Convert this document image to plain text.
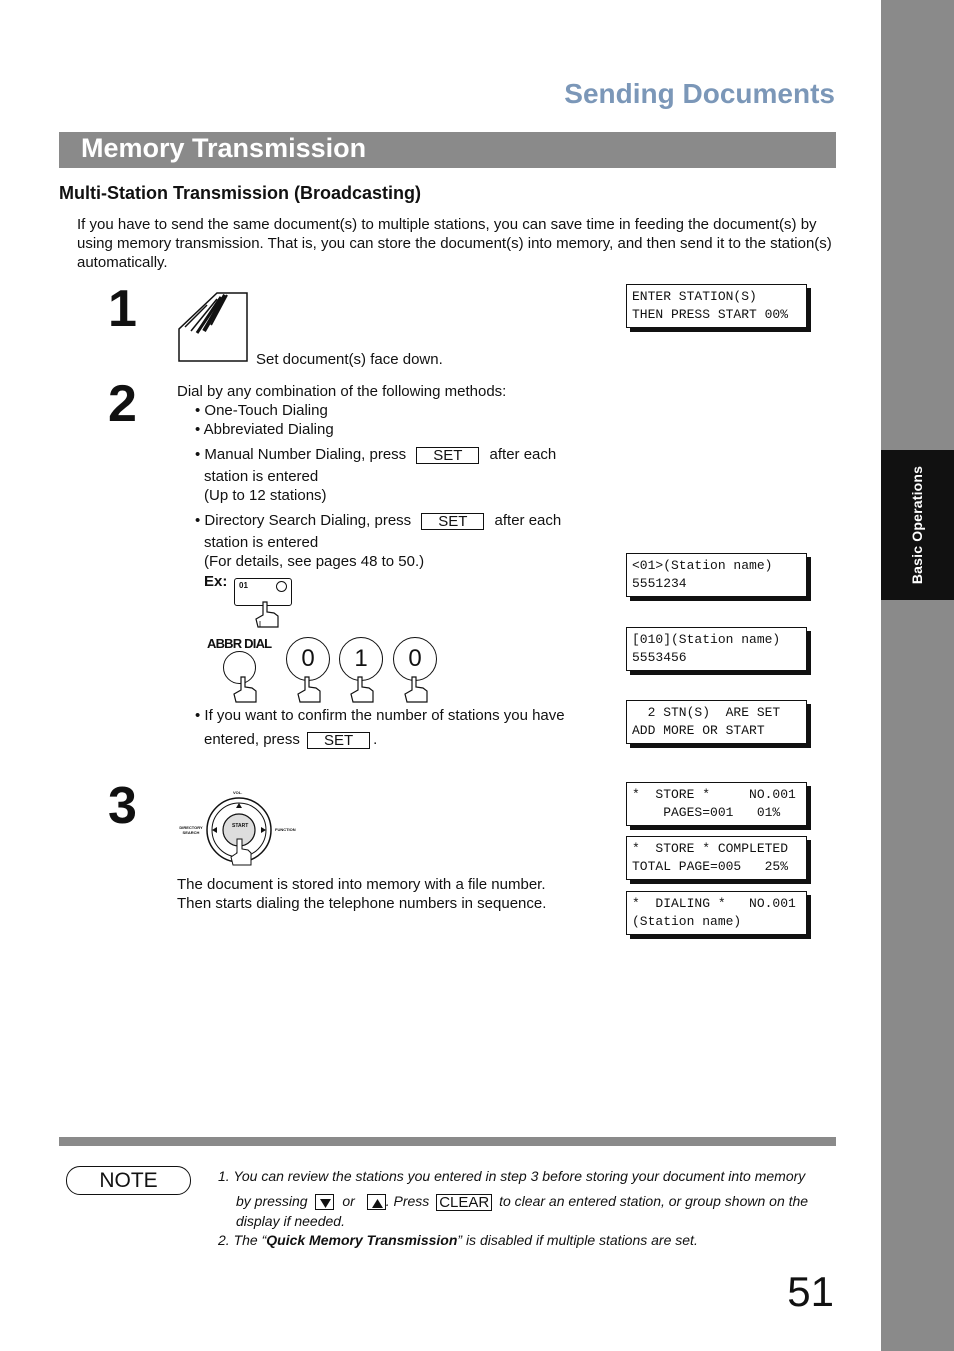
Basic Operations
Sending Documents
Memory Transmission
Multi-Station Transmission (Broadcasting)
If you have to send the same document(s) to multiple stations, you can save time in feeding the document(s) by using memory transmission. That is, you can store the document(s) into memory, and then send it to the station(s) automatically.
1
Set document(s) face down.
ENTER STATION(S)
THEN PRESS START 00%
2	Dial by any combination of the following methods:
• One-Touch Dialing
• Abbreviated Dialing
• Manual Number Dialing, press SET after each
station is entered
(Up to 12 stations)
• Directory Search Dialing, press SET after each
station is entered
(For details, see pages 48 to 50.)
Ex: 01
ABBR DIAL
0	1	0
• If you want to confirm the number of stations you have
entered, press SET .
<01>(Station name)
5551234
[010](Station name)
5553456
2 STN(S)  ARE SET
ADD MORE OR START
3	VOL.
DIRECTORY SEARCH
FUNCTION
START
The document is stored into memory with a file number.
Then starts dialing the telephone numbers in sequence.
*  STORE *     NO.001
PAGES=001   01%
*  STORE * COMPLETED
TOTAL PAGE=005   25%
*  DIALING *   NO.001
(Station name)
NOTE	1. You can review the stations you entered in step 3 before storing your document into memory
by pressing or . Press CLEAR to clear an entered station, or group shown on the
display if needed.
2. The “Quick Memory Transmission” is disabled if multiple stations are set.
51
